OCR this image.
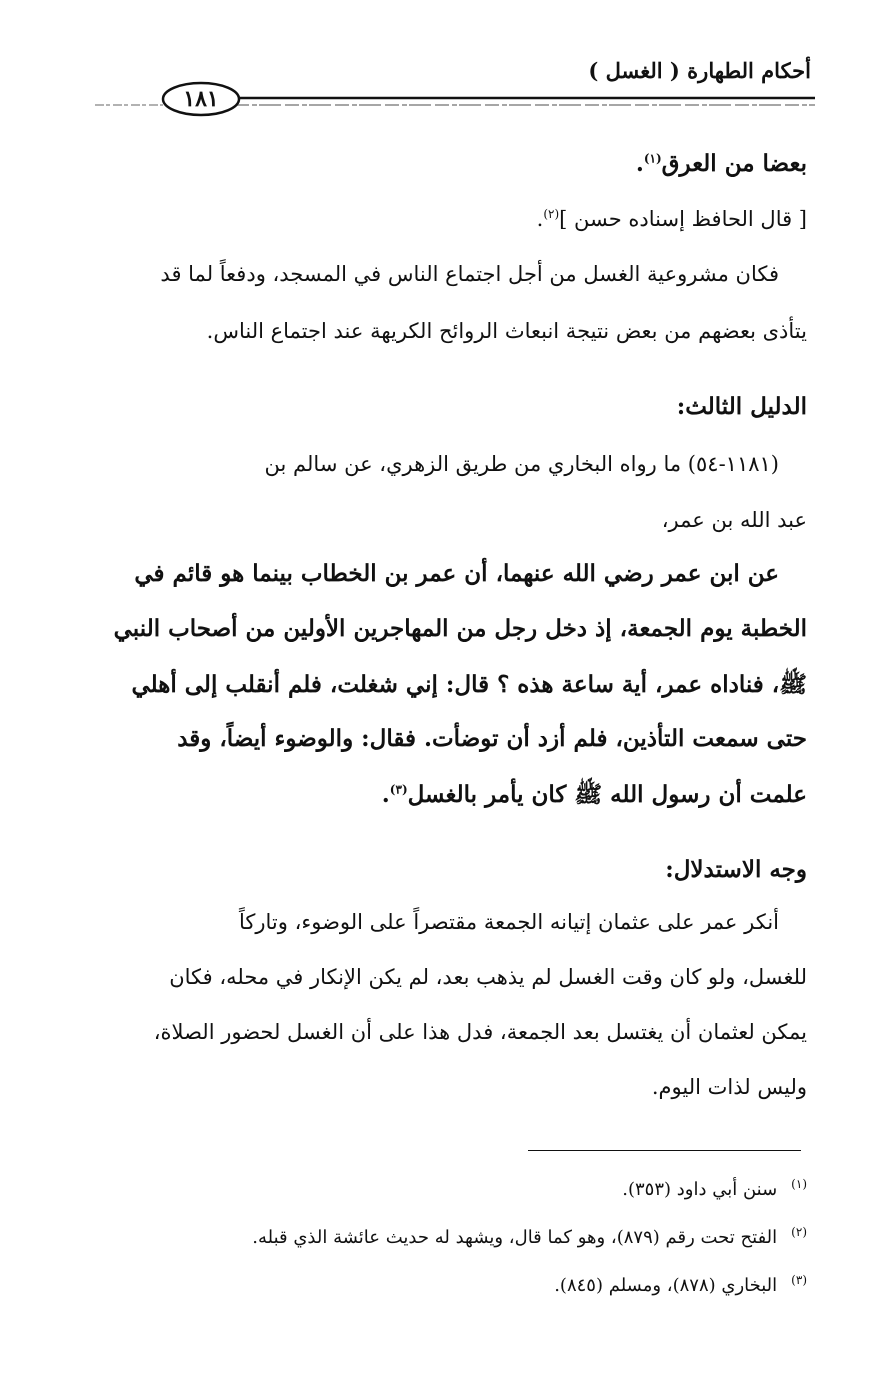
أحكام الطهارة ( الغسل )
١٨١
بعضا من العرق$^{(١)}$.
[ قال الحافظ إسناده حسن ]$^{(٢)}$.
فكان مشروعية الغسل من أجل اجتماع الناس في المسجد، ودفعاً لما قد
يتأذى بعضهم من بعض نتيجة انبعاث الروائح الكريهة عند اجتماع الناس.
الدليل الثالث:
(١١٨١-٥٤) ما رواه البخاري من طريق الزهري، عن سالم بن
عبد الله بن عمر،
عن ابن عمر رضي الله عنهما، أن عمر بن الخطاب بينما هو قائم في
الخطبة يوم الجمعة، إذ دخل رجل من المهاجرين الأولين من أصحاب النبي
ﷺ، فناداه عمر، أية ساعة هذه ؟ قال: إني شغلت، فلم أنقلب إلى أهلي
حتى سمعت التأذين، فلم أزد أن توضأت. فقال: والوضوء أيضاً، وقد
علمت أن رسول الله ﷺ كان يأمر بالغسل$^{(٣)}$.
وجه الاستدلال:
أنكر عمر على عثمان إتيانه الجمعة مقتصراً على الوضوء، وتاركاً
للغسل، ولو كان وقت الغسل لم يذهب بعد، لم يكن الإنكار في محله، فكان
يمكن لعثمان أن يغتسل بعد الجمعة، فدل هذا على أن الغسل لحضور الصلاة،
وليس لذات اليوم.
$^{(١)}$سنن أبي داود (٣٥٣).
$^{(٢)}$الفتح تحت رقم (٨٧٩)، وهو كما قال، ويشهد له حديث عائشة الذي قبله.
$^{(٣)}$البخاري (٨٧٨)، ومسلم (٨٤٥).
